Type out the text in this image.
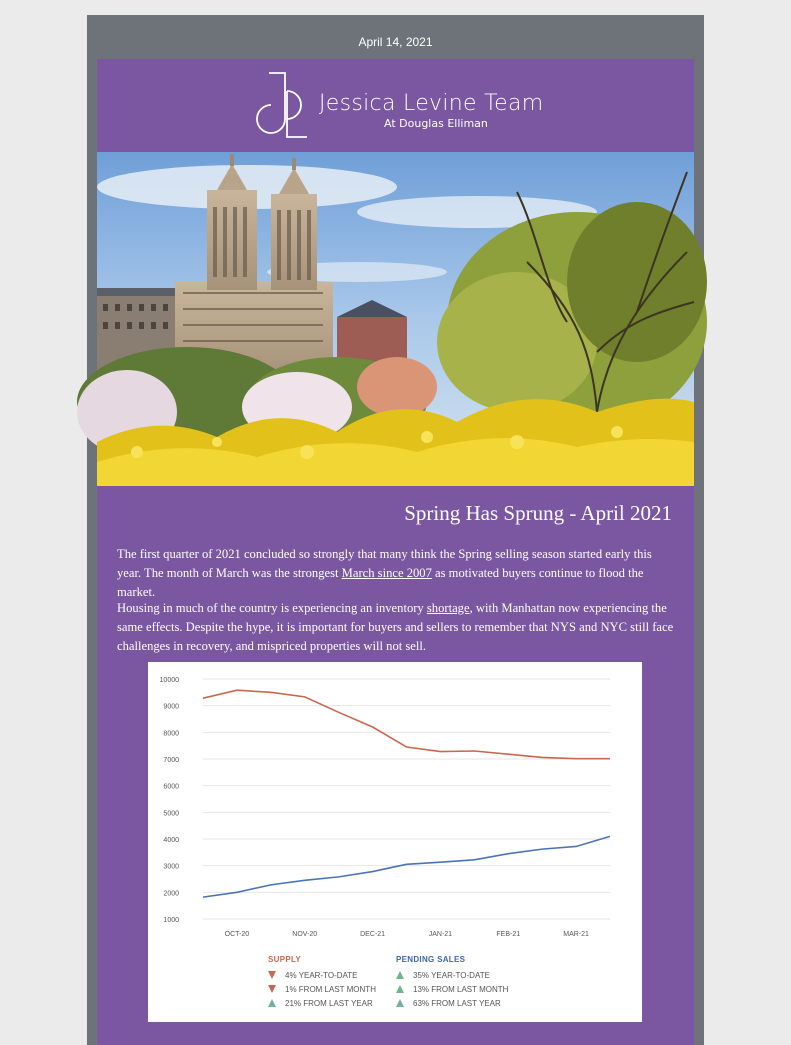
April 14, 2021
Jessica Levine Team
At Douglas Elliman
Spring Has Sprung - April 2021
The first quarter of 2021 concluded so strongly that many think the Spring selling season started early this year. The month of March was the strongest March since 2007 as motivated buyers continue to flood the market.
Housing in much of the country is experiencing an inventory shortage, with Manhattan now experiencing the same effects. Despite the hype, it is important for buyers and sellers to remember that NYS and NYC still face challenges in recovery, and mispriced properties will not sell.
1000
2000
3000
4000
5000
6000
7000
8000
9000
10000
OCT-20	NOV-20	DEC-21	JAN-21	FEB-21	MAR-21
SUPPLY
4% YEAR-TO-DATE
1% FROM LAST MONTH
21% FROM LAST YEAR
PENDING SALES
35% YEAR-TO-DATE
13% FROM LAST MONTH
63% FROM LAST YEAR
